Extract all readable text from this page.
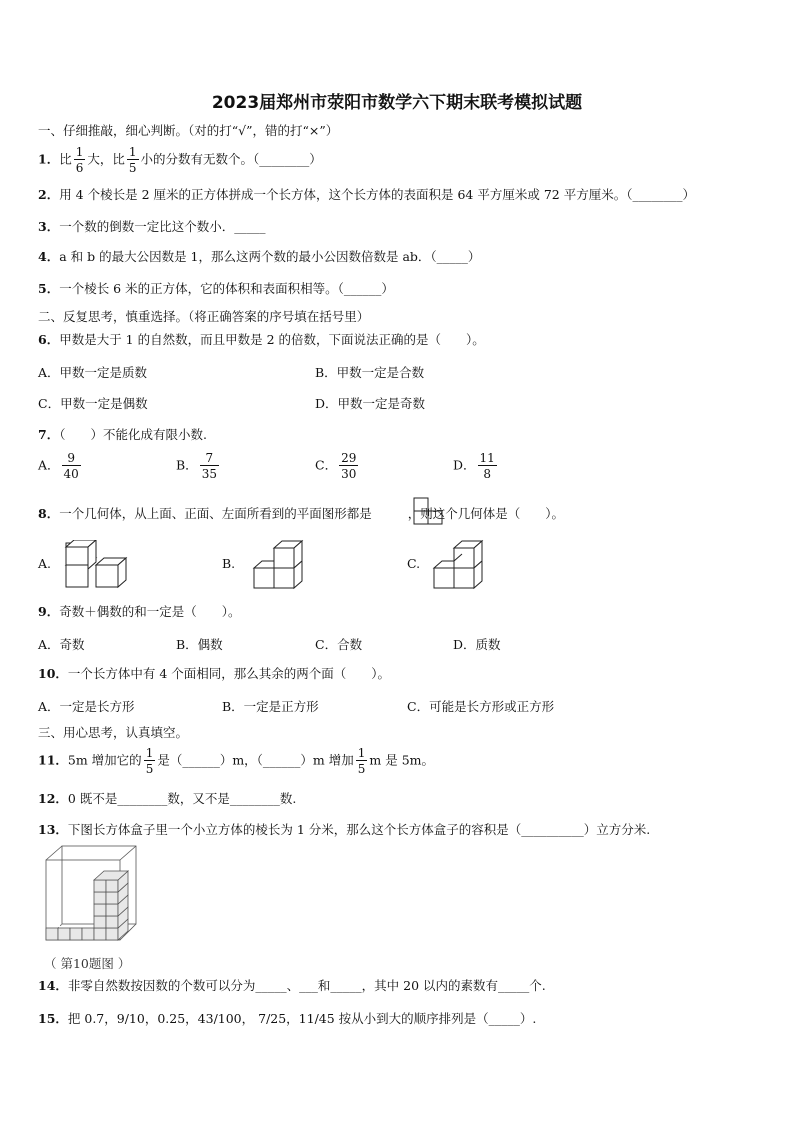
2023届郑州市荥阳市数学六下期末联考模拟试题
一、仔细推敲，细心判断。（对的打“√”，错的打“×”）
1．比 $\frac{1}{6}$ 大，比 $\frac{1}{5}$ 小的分数有无数个。（________）
2．用 4 个棱长是 2 厘米的正方体拼成一个长方体，这个长方体的表面积是 64 平方厘米或 72 平方厘米。（________）
3．一个数的倒数一定比这个数小．_____
4．a 和 b 的最大公因数是 1，那么这两个数的最小公因数倍数是 ab．（_____）
5．一个棱长 6 米的正方体，它的体积和表面积相等。（______）
二、反复思考，慎重选择。（将正确答案的序号填在括号里）
6．甲数是大于 1 的自然数，而且甲数是 2 的倍数，下面说法正确的是（　　）。
A．甲数一定是质数	B．甲数一定是合数
C．甲数一定是偶数	D．甲数一定是奇数
7．（　　）不能化成有限小数.
A． $\frac{9}{40}$	B． $\frac{7}{35}$	C． $\frac{29}{30}$	D． $\frac{11}{8}$
8．一个几何体，从上面、正面、左面所看到的平面图形都是	，则这个几何体是（　　）。
A.	B.	C.
9．奇数＋偶数的和一定是（　　）。
A．奇数	B．偶数	C．合数	D．质数
10．一个长方体中有 4 个面相同，那么其余的两个面（　　）。
A．一定是长方形	B．一定是正方形	C．可能是长方形或正方形
三、用心思考，认真填空。
11．5m 增加它的 $\frac{1}{5}$ 是（______）m，（______）m 增加 $\frac{1}{5}$ m 是 5m。
12．0 既不是________数，又不是________数.
13．下图长方体盒子里一个小立方体的棱长为 1 分米，那么这个长方体盒子的容积是（__________）立方分米.
（ 第10题图 ）
14．非零自然数按因数的个数可以分为_____、___和_____，其中 20 以内的素数有_____个.
15．把 0.7，9/10，0.25，43/100， 7/25，11/45 按从小到大的顺序排列是（_____）.
